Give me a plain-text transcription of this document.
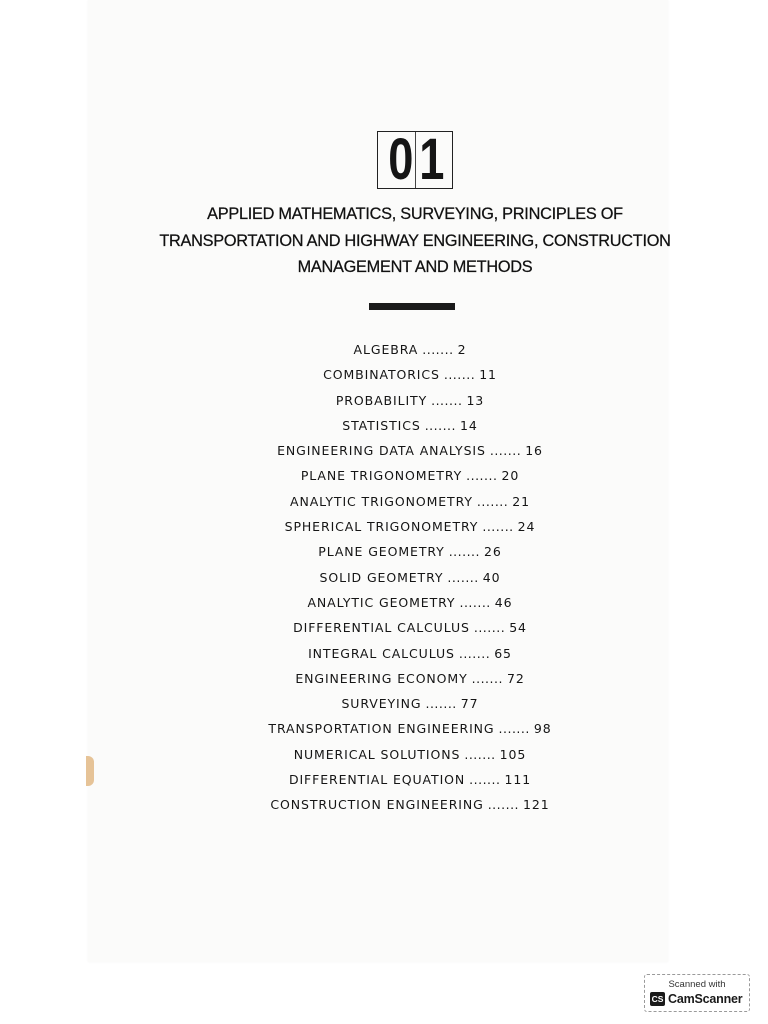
0 1
APPLIED MATHEMATICS, SURVEYING, PRINCIPLES OF
TRANSPORTATION AND HIGHWAY ENGINEERING, CONSTRUCTION
MANAGEMENT AND METHODS
ALGEBRA ....... 2
COMBINATORICS ....... 11
PROBABILITY ....... 13
STATISTICS ....... 14
ENGINEERING DATA ANALYSIS ....... 16
PLANE TRIGONOMETRY ....... 20
ANALYTIC TRIGONOMETRY ....... 21
SPHERICAL TRIGONOMETRY ....... 24
PLANE GEOMETRY ....... 26
SOLID GEOMETRY ....... 40
ANALYTIC GEOMETRY ....... 46
DIFFERENTIAL CALCULUS ....... 54
INTEGRAL CALCULUS ....... 65
ENGINEERING ECONOMY ....... 72
SURVEYING ....... 77
TRANSPORTATION ENGINEERING ....... 98
NUMERICAL SOLUTIONS ....... 105
DIFFERENTIAL EQUATION ....... 111
CONSTRUCTION ENGINEERING ....... 121
Scanned with
CS CamScanner
